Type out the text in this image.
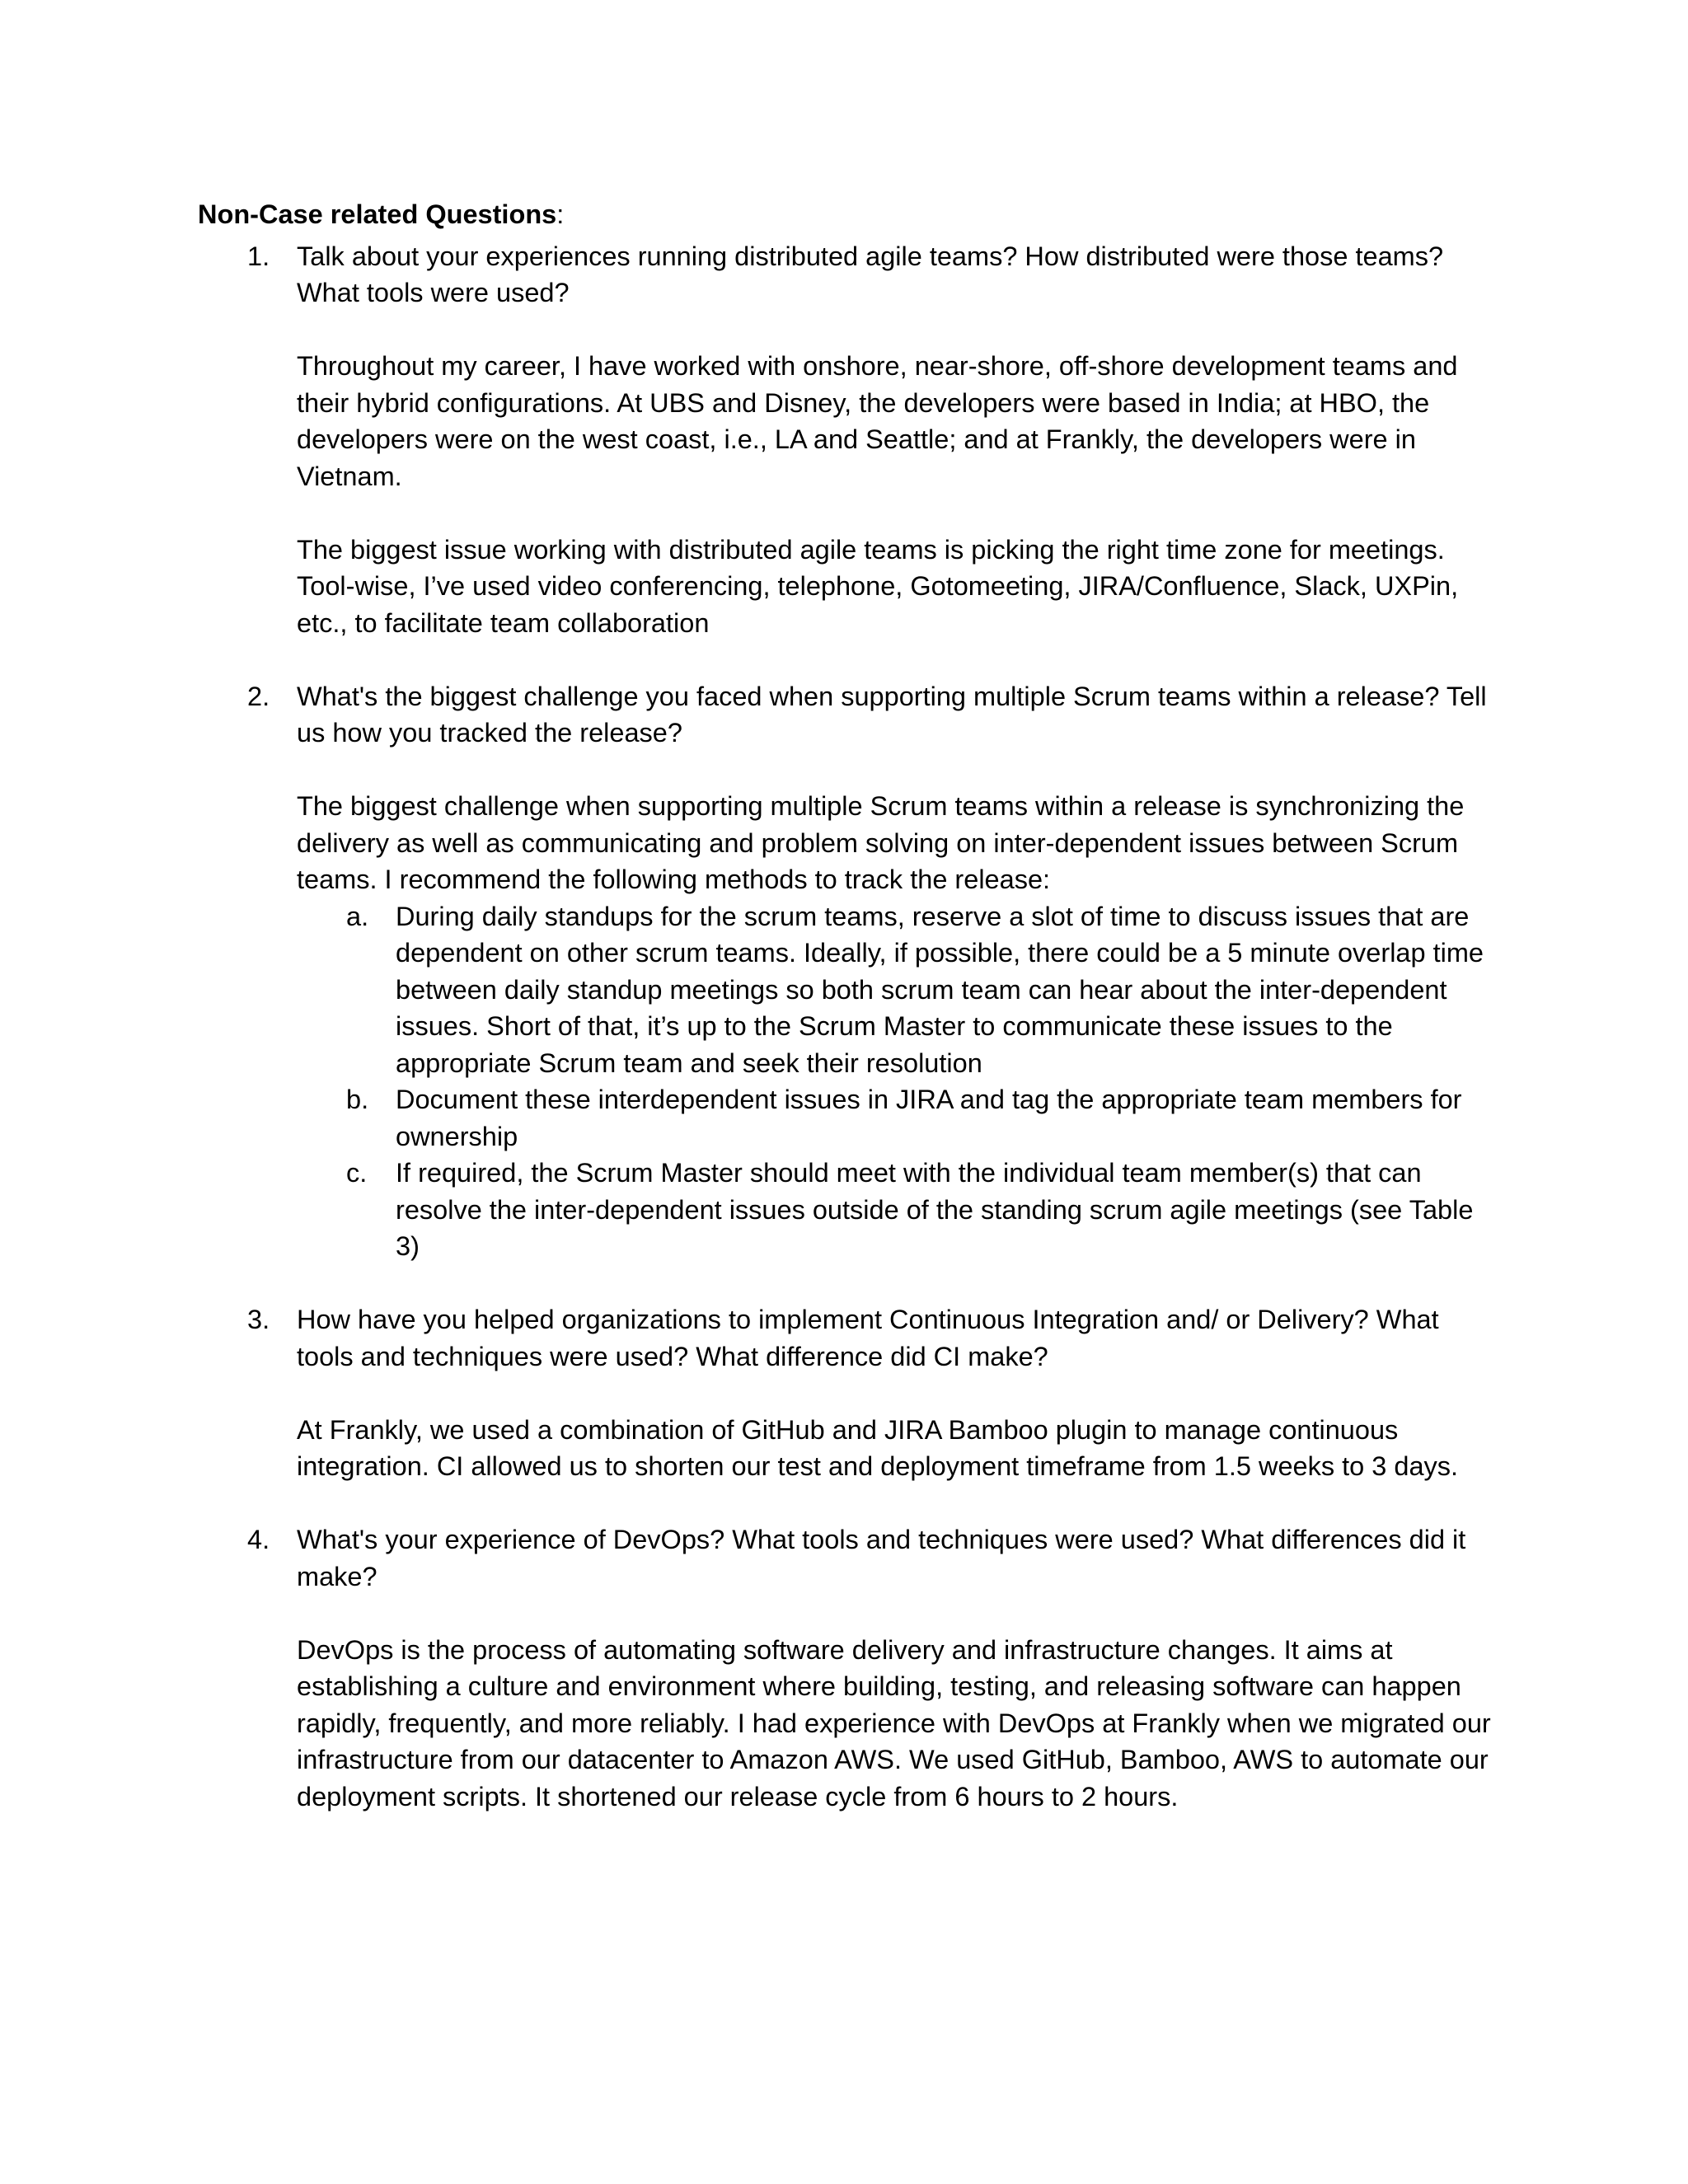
Non-Case related Questions:

1. Talk about your experiences running distributed agile teams? How distributed were those teams? What tools were used?

Throughout my career, I have worked with onshore, near-shore, off-shore development teams and their hybrid configurations. At UBS and Disney, the developers were based in India; at HBO, the developers were on the west coast, i.e., LA and Seattle; and at Frankly, the developers were in Vietnam.

The biggest issue working with distributed agile teams is picking the right time zone for meetings. Tool-wise, I’ve used video conferencing, telephone, Gotomeeting, JIRA/Confluence, Slack, UXPin, etc., to facilitate team collaboration

2. What's the biggest challenge you faced when supporting multiple Scrum teams within a release? Tell us how you tracked the release?

The biggest challenge when supporting multiple Scrum teams within a release is synchronizing the delivery as well as communicating and problem solving on inter-dependent issues between Scrum teams. I recommend the following methods to track the release:

a. During daily standups for the scrum teams, reserve a slot of time to discuss issues that are dependent on other scrum teams. Ideally, if possible, there could be a 5 minute overlap time between daily standup meetings so both scrum team can hear about the inter-dependent issues. Short of that, it’s up to the Scrum Master to communicate these issues to the appropriate Scrum team and seek their resolution
b. Document these interdependent issues in JIRA and tag the appropriate team members for ownership
c. If required, the Scrum Master should meet with the individual team member(s) that can resolve the inter-dependent issues outside of the standing scrum agile meetings (see Table 3)
3. How have you helped organizations to implement Continuous Integration and/ or Delivery? What tools and techniques were used? What difference did CI make?

At Frankly, we used a combination of GitHub and JIRA Bamboo plugin to manage continuous integration. CI allowed us to shorten our test and deployment timeframe from 1.5 weeks to 3 days.

4. What's your experience of DevOps? What tools and techniques were used? What differences did it make?

DevOps is the process of automating software delivery and infrastructure changes. It aims at establishing a culture and environment where building, testing, and releasing software can happen rapidly, frequently, and more reliably. I had experience with DevOps at Frankly when we migrated our infrastructure from our datacenter to Amazon AWS. We used GitHub, Bamboo, AWS to automate our deployment scripts. It shortened our release cycle from 6 hours to 2 hours.
